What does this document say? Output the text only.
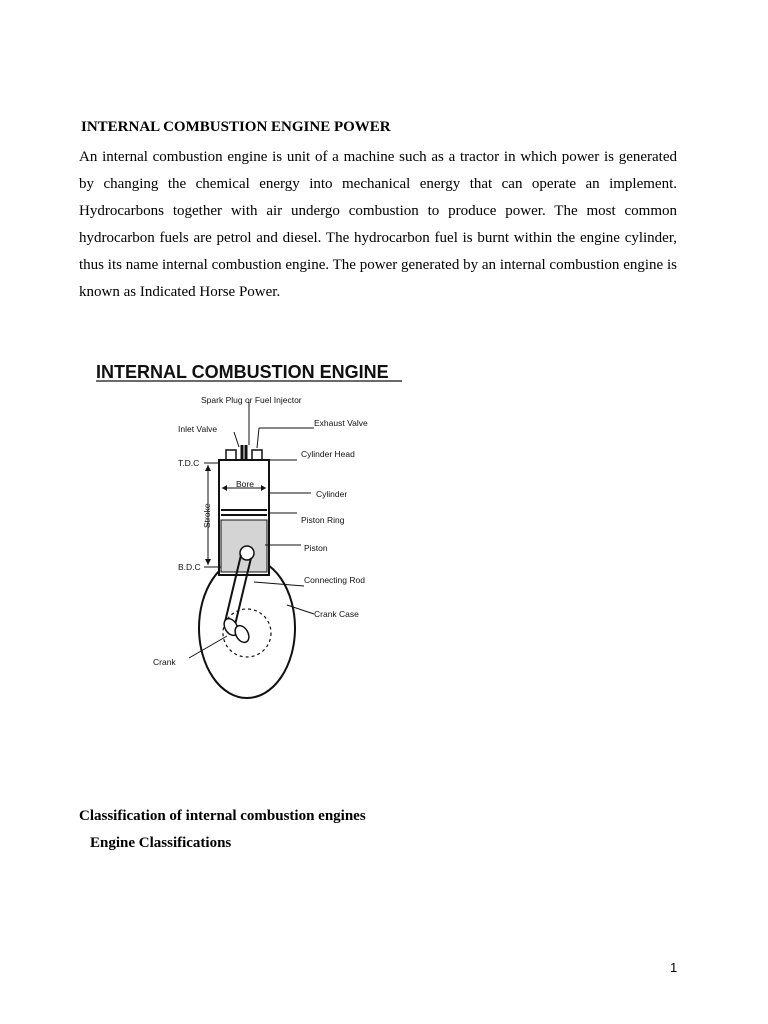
INTERNAL COMBUSTION ENGINE POWER

An internal combustion engine is unit of a machine such as a tractor in which power is generated by changing the chemical energy into mechanical energy that can operate an implement. Hydrocarbons together with air undergo combustion to produce power. The most common hydrocarbon fuels are petrol and diesel. The hydrocarbon fuel is burnt within the engine cylinder, thus its name internal combustion engine. The power generated by an internal combustion engine is known as Indicated Horse Power.

INTERNAL COMBUSTION ENGINE
Spark Plug or Fuel Injector
Inlet Valve
Exhaust Valve
T.D.C
Cylinder Head
Bore
Cylinder
Stroke	Piston Ring
Piston
B.D.C
Connecting Rod
Crank Case
Crank
Classification of internal combustion engines
Engine Classifications
1
